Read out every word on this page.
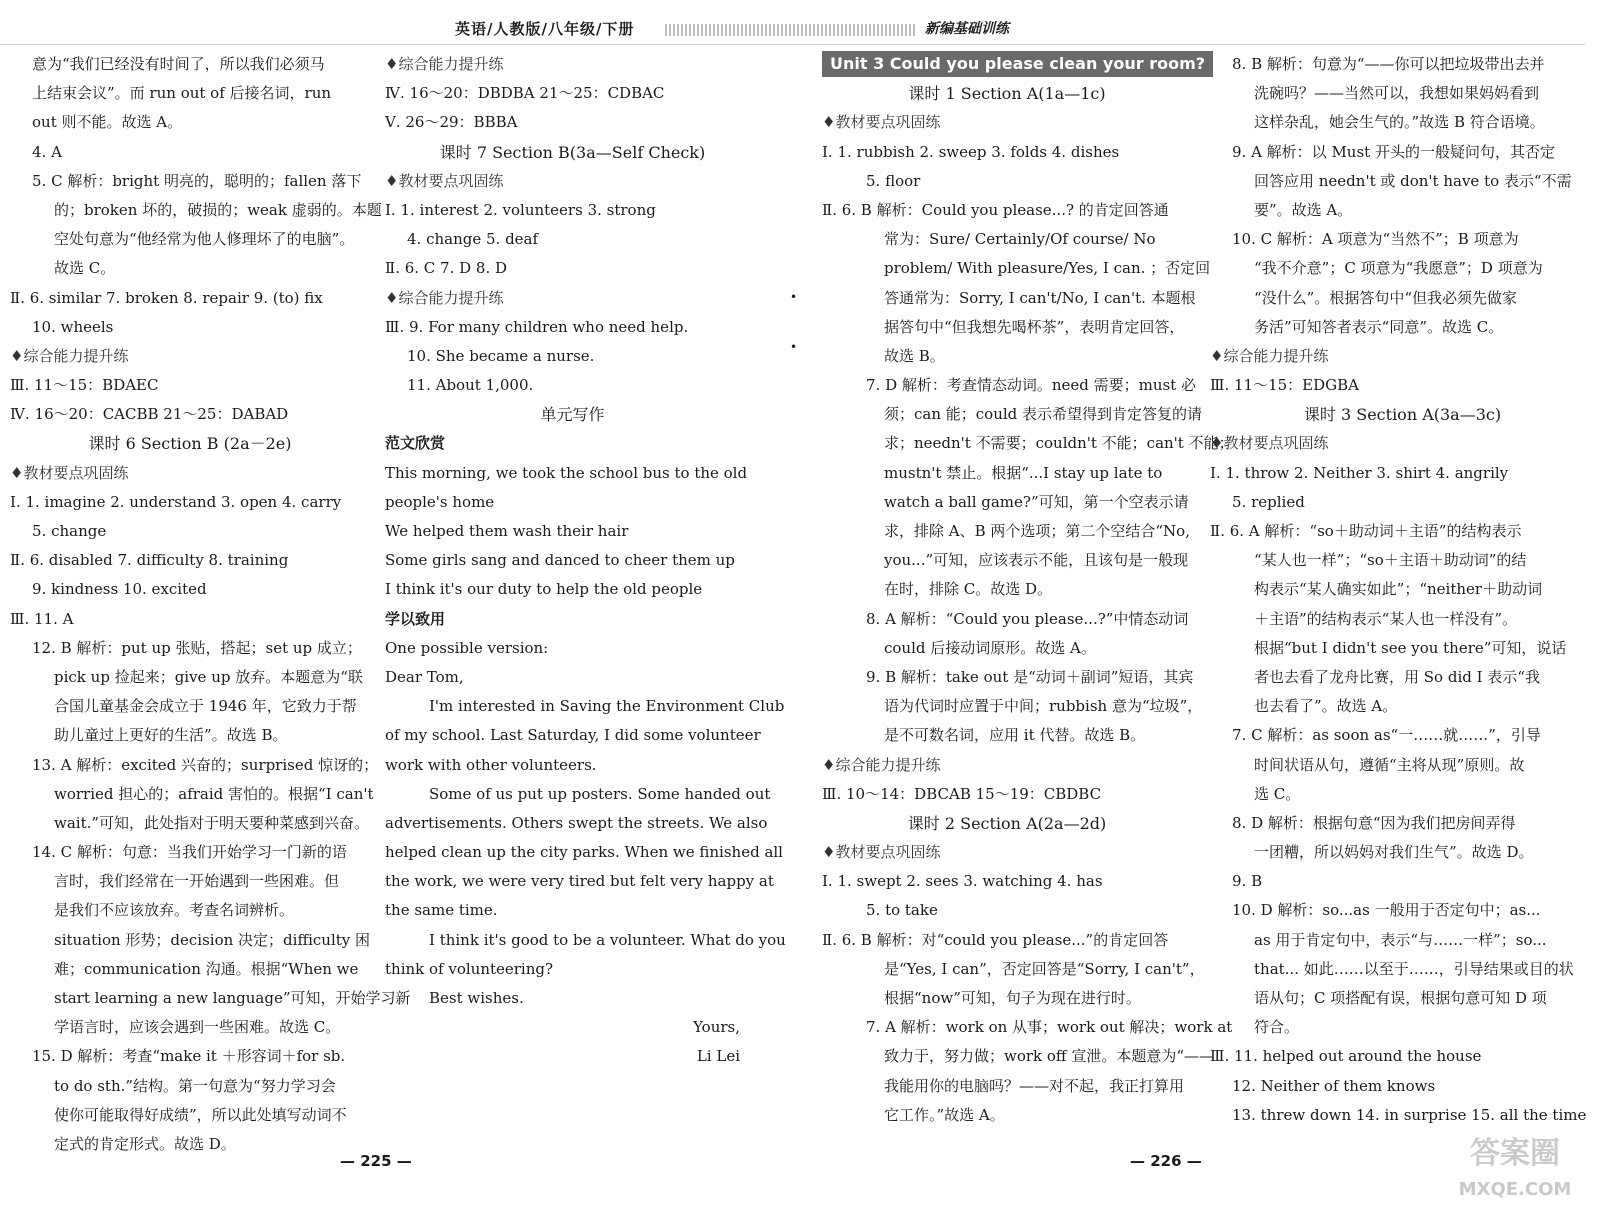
英语/人教版/八年级/下册	新编基础训练
意为“我们已经没有时间了，所以我们必须马
上结束会议”。而 run out of 后接名词，run
out 则不能。故选 A。
4. A
5. C 解析：bright 明亮的，聪明的；fallen 落下
的；broken 坏的，破损的；weak 虚弱的。本题
空处句意为“他经常为他人修理坏了的电脑”。
故选 C。
Ⅱ. 6. similar 7. broken 8. repair 9. (to) fix
10. wheels
♦综合能力提升练
Ⅲ. 11～15：BDAEC
Ⅳ. 16～20：CACBB 21～25：DABAD
课时 6 Section B (2a－2e)
♦教材要点巩固练
Ⅰ. 1. imagine 2. understand 3. open 4. carry
5. change
Ⅱ. 6. disabled 7. difficulty 8. training
9. kindness 10. excited
Ⅲ. 11. A
12. B 解析：put up 张贴，搭起；set up 成立；
pick up 捡起来；give up 放弃。本题意为“联
合国儿童基金会成立于 1946 年，它致力于帮
助儿童过上更好的生活”。故选 B。
13. A 解析：excited 兴奋的；surprised 惊讶的；
worried 担心的；afraid 害怕的。根据“I can't
wait.”可知，此处指对于明天要种菜感到兴奋。
14. C 解析：句意：当我们开始学习一门新的语
言时，我们经常在一开始遇到一些困难。但
是我们不应该放弃。考查名词辨析。
situation 形势；decision 决定；difficulty 困
难；communication 沟通。根据“When we
start learning a new language”可知，开始学习新
学语言时，应该会遇到一些困难。故选 C。
15. D 解析：考查“make it ＋形容词＋for sb.
to do sth.”结构。第一句意为“努力学习会
使你可能取得好成绩”，所以此处填写动词不
定式的肯定形式。故选 D。
♦综合能力提升练
Ⅳ. 16～20：DBDBA 21～25：CDBAC
Ⅴ. 26～29：BBBA
课时 7 Section B(3a—Self Check)
♦教材要点巩固练
Ⅰ. 1. interest 2. volunteers 3. strong
4. change 5. deaf
Ⅱ. 6. C 7. D 8. D
♦综合能力提升练
Ⅲ. 9. For many children who need help.
10. She became a nurse.
11. About 1,000.
单元写作
范文欣赏
This morning, we took the school bus to the old
people's home
We helped them wash their hair
Some girls sang and danced to cheer them up
I think it's our duty to help the old people
学以致用
One possible version:
Dear Tom,
I'm interested in Saving the Environment Club
of my school. Last Saturday, I did some volunteer
work with other volunteers.
Some of us put up posters. Some handed out
advertisements. Others swept the streets. We also
helped clean up the city parks. When we finished all
the work, we were very tired but felt very happy at
the same time.
I think it's good to be a volunteer. What do you
think of volunteering?
Best wishes.
Yours,
Li Lei
Unit 3 Could you please clean your room?
课时 1 Section A(1a—1c)
♦教材要点巩固练
Ⅰ. 1. rubbish 2. sweep 3. folds 4. dishes
5. floor
Ⅱ. 6. B 解析：Could you please...? 的肯定回答通
常为：Sure/ Certainly/Of course/ No
problem/ With pleasure/Yes, I can. ；否定回
答通常为：Sorry, I can't/No, I can't. 本题根
据答句中“但我想先喝杯茶”，表明肯定回答，
故选 B。
7. D 解析：考查情态动词。need 需要；must 必
须；can 能；could 表示希望得到肯定答复的请
求；needn't 不需要；couldn't 不能；can't 不能；
mustn't 禁止。根据“...I stay up late to
watch a ball game?”可知，第一个空表示请
求，排除 A、B 两个选项；第二个空结合“No,
you...”可知，应该表示不能，且该句是一般现
在时，排除 C。故选 D。
8. A 解析：“Could you please...?”中情态动词
could 后接动词原形。故选 A。
9. B 解析：take out 是“动词＋副词”短语，其宾
语为代词时应置于中间；rubbish 意为“垃圾”，
是不可数名词，应用 it 代替。故选 B。
♦综合能力提升练
Ⅲ. 10～14：DBCAB 15～19：CBDBC
课时 2 Section A(2a—2d)
♦教材要点巩固练
Ⅰ. 1. swept 2. sees 3. watching 4. has
5. to take
Ⅱ. 6. B 解析：对“could you please...”的肯定回答
是“Yes, I can”，否定回答是“Sorry, I can't”，
根据“now”可知，句子为现在进行时。
7. A 解析：work on 从事；work out 解决；work at
致力于，努力做；work off 宣泄。本题意为“——
我能用你的电脑吗？——对不起，我正打算用
它工作。”故选 A。
8. B 解析：句意为“——你可以把垃圾带出去并
洗碗吗？——当然可以，我想如果妈妈看到
这样杂乱，她会生气的。”故选 B 符合语境。
9. A 解析：以 Must 开头的一般疑问句，其否定
回答应用 needn't 或 don't have to 表示“不需
要”。故选 A。
10. C 解析：A 项意为“当然不”；B 项意为
“我不介意”；C 项意为“我愿意”；D 项意为
“没什么”。根据答句中“但我必须先做家
务活”可知答者表示“同意”。故选 C。
♦综合能力提升练
Ⅲ. 11～15：EDGBA
课时 3 Section A(3a—3c)
♦教材要点巩固练
Ⅰ. 1. throw 2. Neither 3. shirt 4. angrily
5. replied
Ⅱ. 6. A 解析：“so＋助动词＋主语”的结构表示
“某人也一样”；“so＋主语＋助动词”的结
构表示“某人确实如此”；“neither＋助动词
＋主语”的结构表示“某人也一样没有”。
根据“but I didn't see you there”可知，说话
者也去看了龙舟比赛，用 So did I 表示“我
也去看了”。故选 A。
7. C 解析：as soon as“一……就……”，引导
时间状语从句，遵循“主将从现”原则。故
选 C。
8. D 解析：根据句意“因为我们把房间弄得
一团糟，所以妈妈对我们生气”。故选 D。
9. B
10. D 解析：so...as 一般用于否定句中；as...
as 用于肯定句中，表示“与……一样”；so...
that... 如此……以至于……，引导结果或目的状
语从句；C 项搭配有误，根据句意可知 D 项
符合。
Ⅲ. 11. helped out around the house
12. Neither of them knows
13. threw down 14. in surprise 15. all the time
•
•
— 225 —	— 226 —	答案圈
MXQE.COM
